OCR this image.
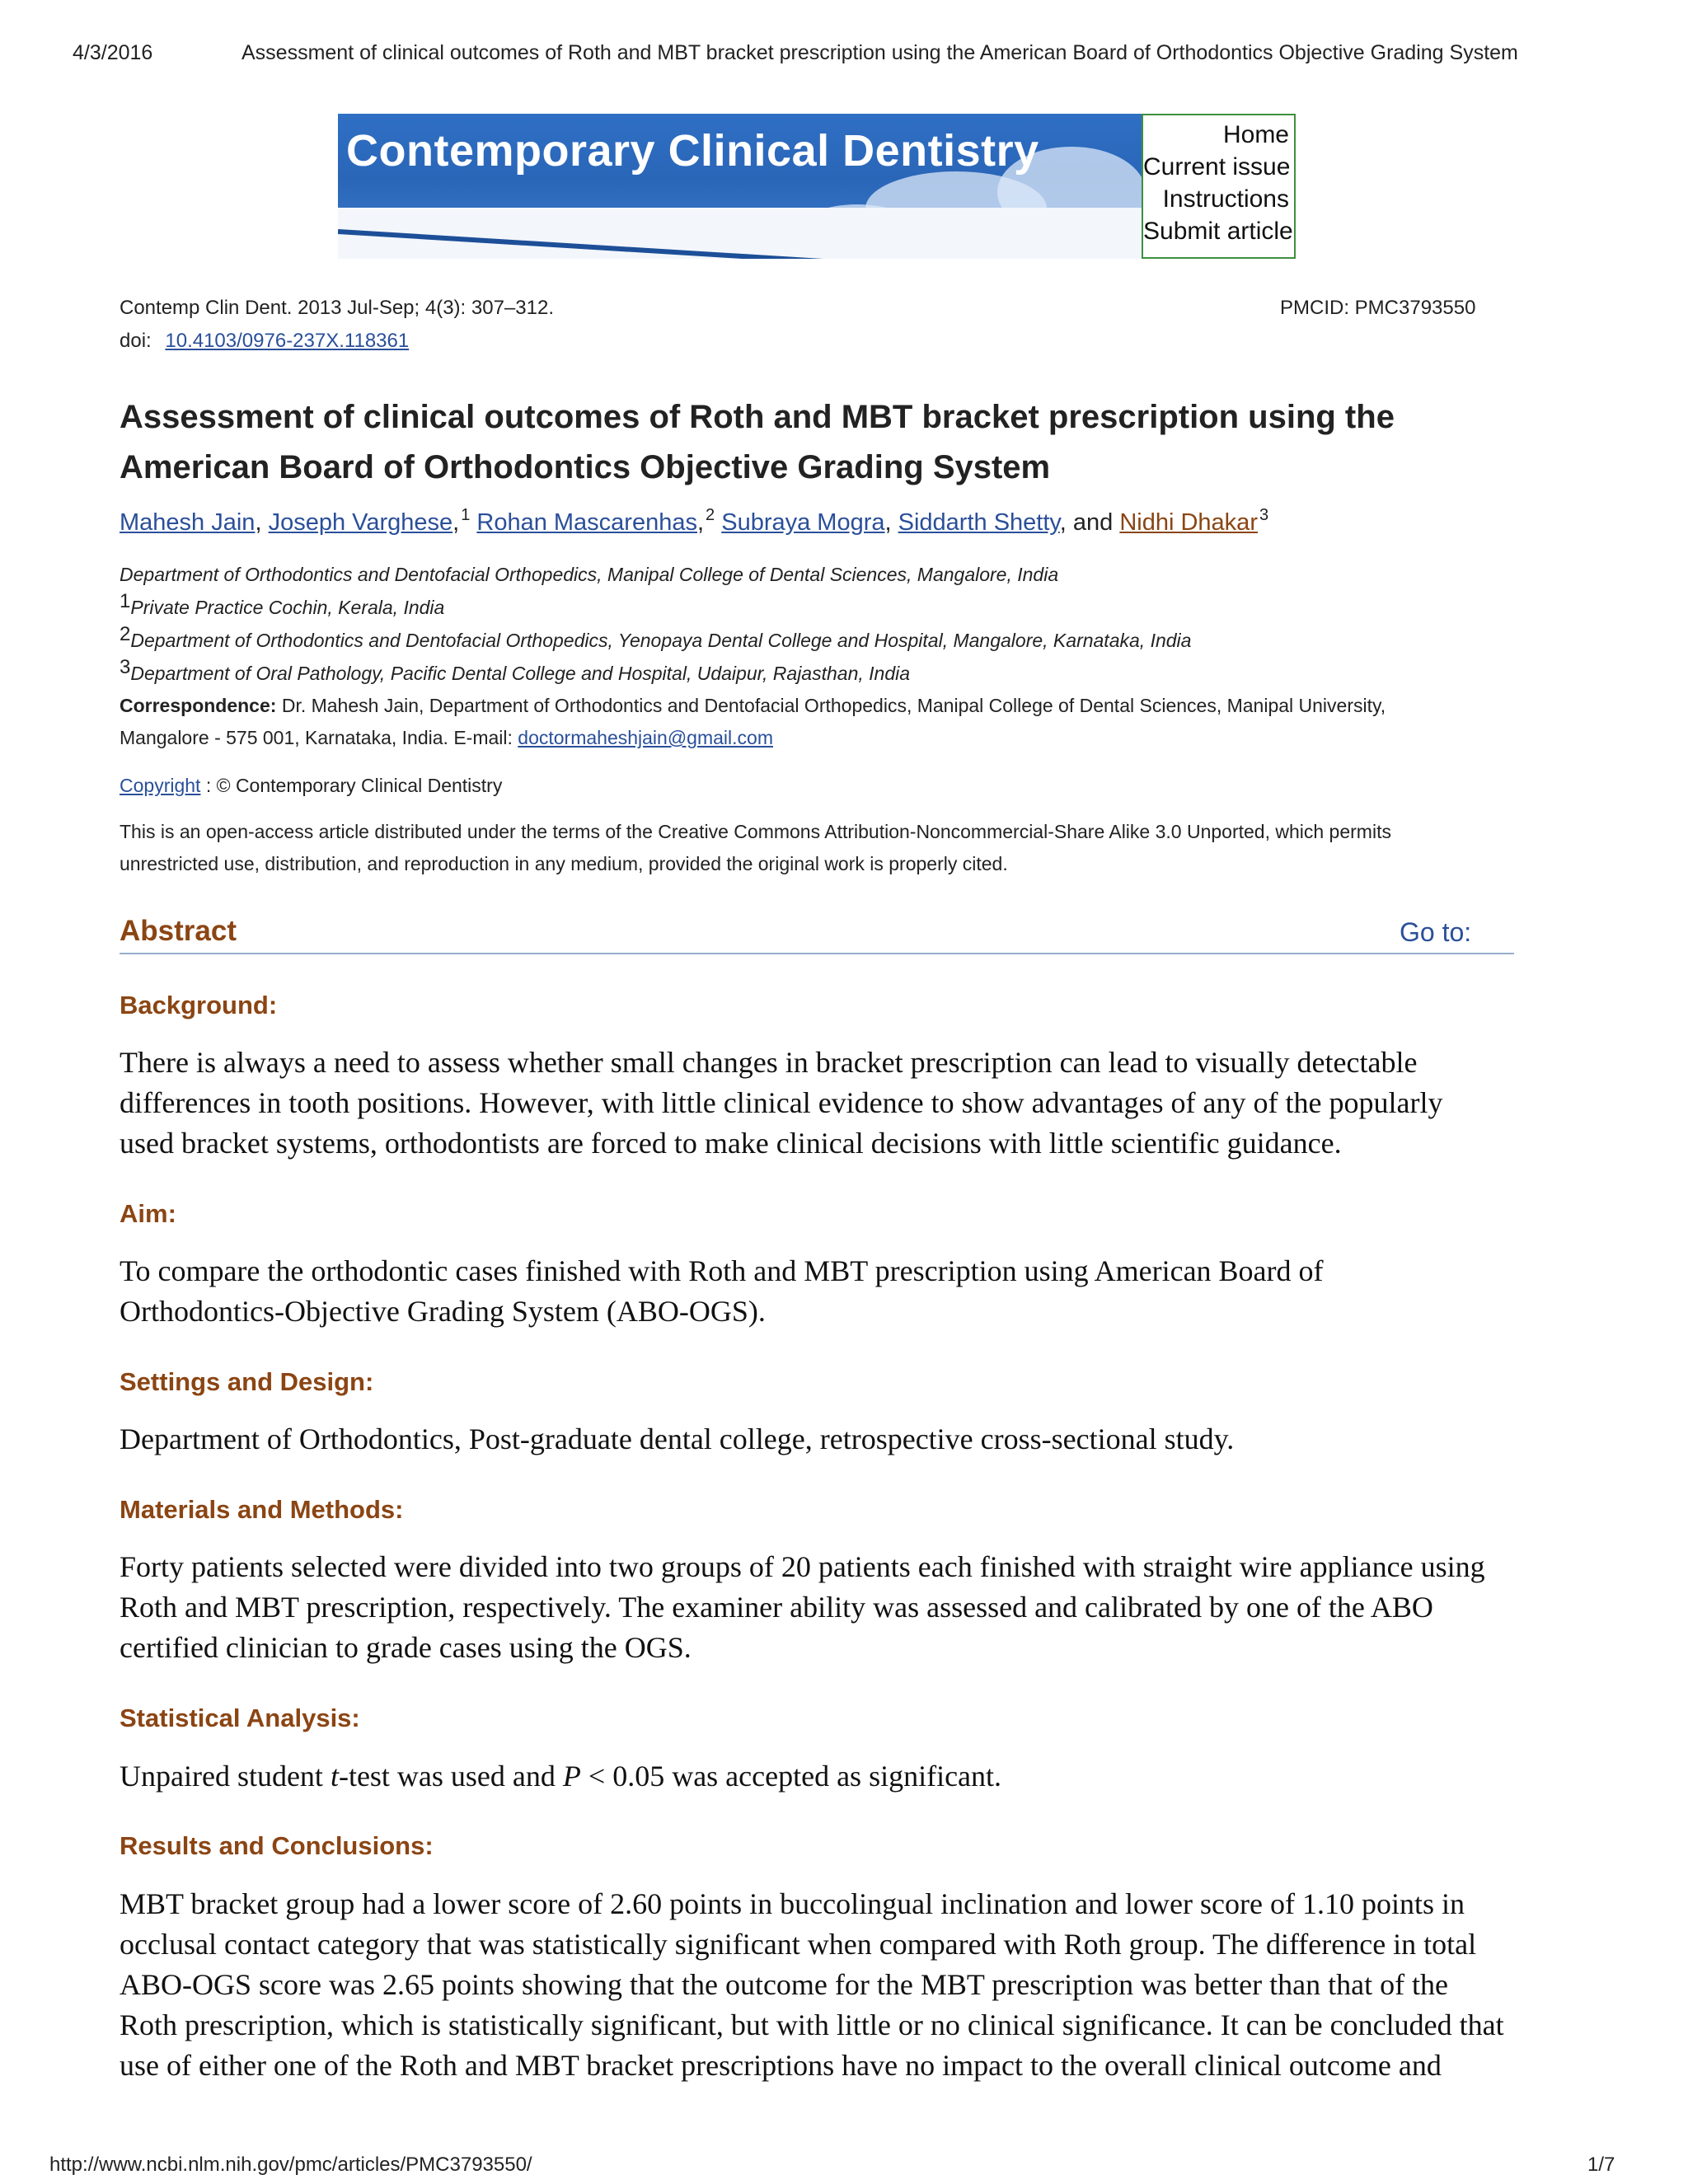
4/3/2016	Assessment of clinical outcomes of Roth and MBT bracket prescription using the American Board of Orthodontics Objective Grading System
Contemporary Clinical Dentistry	Home
Current issue
Instructions
Submit article
Contemp Clin Dent. 2013 Jul-Sep; 4(3): 307–312.	PMCID: PMC3793550
doi: 10.4103/0976-237X.118361
Assessment of clinical outcomes of Roth and MBT bracket prescription using the
American Board of Orthodontics Objective Grading System
Mahesh Jain, Joseph Varghese, $^1$ Rohan Mascarenhas, $^2$ Subraya Mogra, Siddarth Shetty, and Nidhi Dhakar $^3$
Department of Orthodontics and Dentofacial Orthopedics, Manipal College of Dental Sciences, Mangalore, India
$^1$Private Practice Cochin, Kerala, India
$^2$Department of Orthodontics and Dentofacial Orthopedics, Yenopaya Dental College and Hospital, Mangalore, Karnataka, India
$^3$Department of Oral Pathology, Pacific Dental College and Hospital, Udaipur, Rajasthan, India
Correspondence: Dr. Mahesh Jain, Department of Orthodontics and Dentofacial Orthopedics, Manipal College of Dental Sciences, Manipal University,
Mangalore - 575 001, Karnataka, India. E-mail: doctormaheshjain@gmail.com
Copyright : © Contemporary Clinical Dentistry
This is an open-access article distributed under the terms of the Creative Commons Attribution-Noncommercial-Share Alike 3.0 Unported, which permits
unrestricted use, distribution, and reproduction in any medium, provided the original work is properly cited.
Abstract	Go to:
Background:
There is always a need to assess whether small changes in bracket prescription can lead to visually detectable
differences in tooth positions. However, with little clinical evidence to show advantages of any of the popularly
used bracket systems, orthodontists are forced to make clinical decisions with little scientific guidance.
Aim:
To compare the orthodontic cases finished with Roth and MBT prescription using American Board of
Orthodontics-Objective Grading System (ABO-OGS).
Settings and Design:
Department of Orthodontics, Post-graduate dental college, retrospective cross-sectional study.
Materials and Methods:
Forty patients selected were divided into two groups of 20 patients each finished with straight wire appliance using
Roth and MBT prescription, respectively. The examiner ability was assessed and calibrated by one of the ABO
certified clinician to grade cases using the OGS.
Statistical Analysis:
Unpaired student t-test was used and P < 0.05 was accepted as significant.
Results and Conclusions:
MBT bracket group had a lower score of 2.60 points in buccolingual inclination and lower score of 1.10 points in
occlusal contact category that was statistically significant when compared with Roth group. The difference in total
ABO-OGS score was 2.65 points showing that the outcome for the MBT prescription was better than that of the
Roth prescription, which is statistically significant, but with little or no clinical significance. It can be concluded that
use of either one of the Roth and MBT bracket prescriptions have no impact to the overall clinical outcome and
http://www.ncbi.nlm.nih.gov/pmc/articles/PMC3793550/	1/7
